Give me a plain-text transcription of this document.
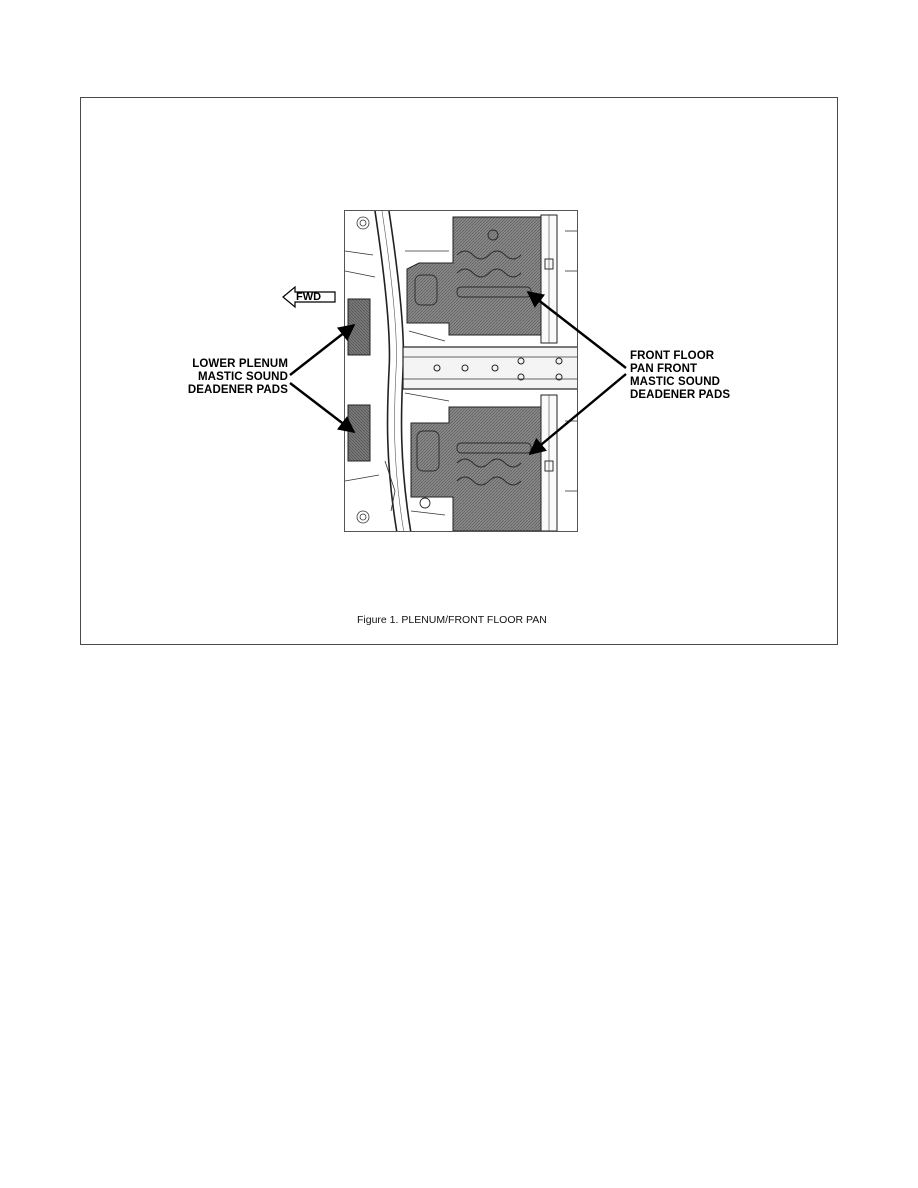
FWD
LOWER PLENUM
MASTIC SOUND
DEADENER PADS
FRONT FLOOR
PAN FRONT
MASTIC SOUND
DEADENER PADS
Figure 1. PLENUM/FRONT FLOOR PAN
